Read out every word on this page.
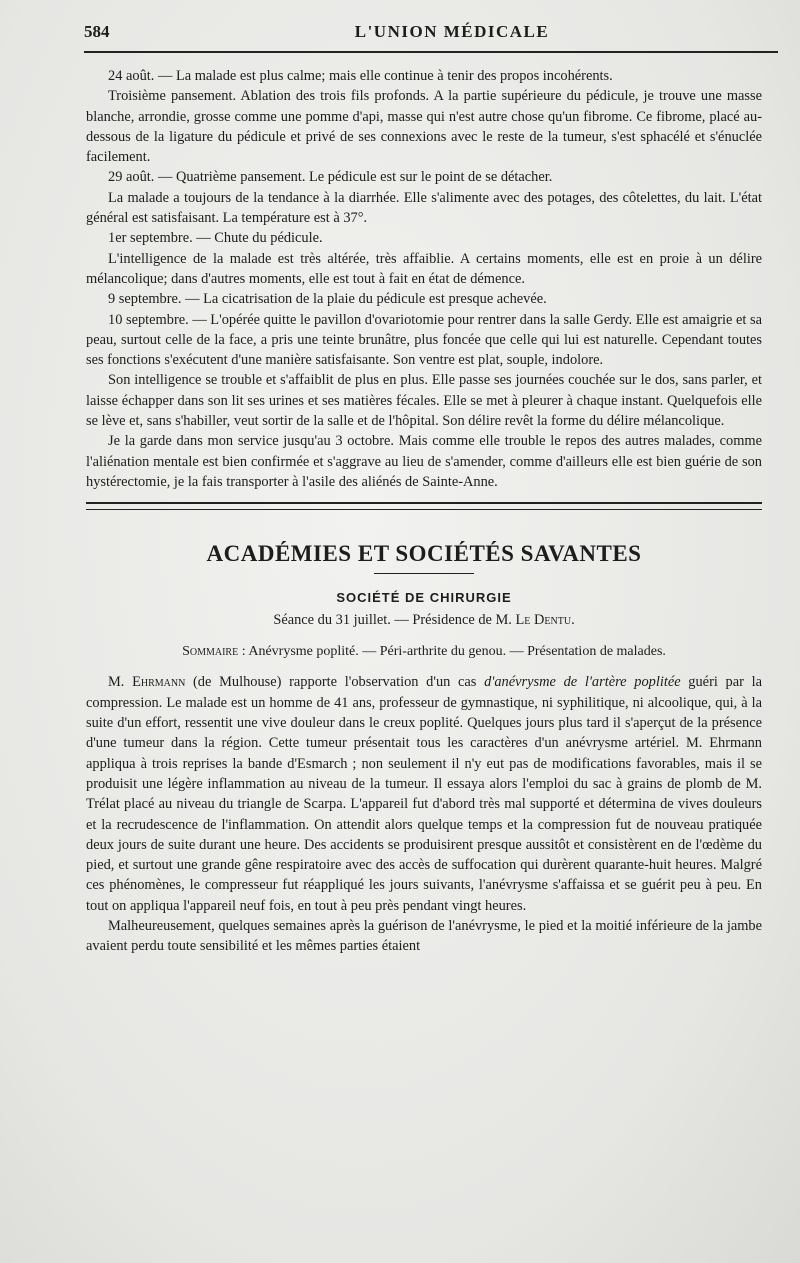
584	L'UNION MÉDICALE

24 août. — La malade est plus calme; mais elle continue à tenir des propos incohérents.

Troisième pansement. Ablation des trois fils profonds. A la partie supérieure du pédicule, je trouve une masse blanche, arrondie, grosse comme une pomme d'api, masse qui n'est autre chose qu'un fibrome. Ce fibrome, placé au-dessous de la ligature du pédicule et privé de ses connexions avec le reste de la tumeur, s'est sphacélé et s'énuclée facilement.

29 août. — Quatrième pansement. Le pédicule est sur le point de se détacher.

La malade a toujours de la tendance à la diarrhée. Elle s'alimente avec des potages, des côtelettes, du lait. L'état général est satisfaisant. La température est à 37°.

1er septembre. — Chute du pédicule.

L'intelligence de la malade est très altérée, très affaiblie. A certains moments, elle est en proie à un délire mélancolique; dans d'autres moments, elle est tout à fait en état de démence.

9 septembre. — La cicatrisation de la plaie du pédicule est presque achevée.

10 septembre. — L'opérée quitte le pavillon d'ovariotomie pour rentrer dans la salle Gerdy. Elle est amaigrie et sa peau, surtout celle de la face, a pris une teinte brunâtre, plus foncée que celle qui lui est naturelle. Cependant toutes ses fonctions s'exécutent d'une manière satisfaisante. Son ventre est plat, souple, indolore.

Son intelligence se trouble et s'affaiblit de plus en plus. Elle passe ses journées couchée sur le dos, sans parler, et laisse échapper dans son lit ses urines et ses matières fécales. Elle se met à pleurer à chaque instant. Quelquefois elle se lève et, sans s'habiller, veut sortir de la salle et de l'hôpital. Son délire revêt la forme du délire mélancolique.

Je la garde dans mon service jusqu'au 3 octobre. Mais comme elle trouble le repos des autres malades, comme l'aliénation mentale est bien confirmée et s'aggrave au lieu de s'amender, comme d'ailleurs elle est bien guérie de son hystérectomie, je la fais transporter à l'asile des aliénés de Sainte-Anne.

ACADÉMIES ET SOCIÉTÉS SAVANTES
SOCIÉTÉ DE CHIRURGIE
Séance du 31 juillet. — Présidence de M. Le Dentu.
Sommaire : Anévrysme poplité. — Péri-arthrite du genou. — Présentation de malades.

M. Ehrmann (de Mulhouse) rapporte l'observation d'un cas d'anévrysme de l'artère poplitée guéri par la compression. Le malade est un homme de 41 ans, professeur de gymnastique, ni syphilitique, ni alcoolique, qui, à la suite d'un effort, ressentit une vive douleur dans le creux poplité. Quelques jours plus tard il s'aperçut de la présence d'une tumeur dans la région. Cette tumeur présentait tous les caractères d'un anévrysme artériel. M. Ehrmann appliqua à trois reprises la bande d'Esmarch ; non seulement il n'y eut pas de modifications favorables, mais il se produisit une légère inflammation au niveau de la tumeur. Il essaya alors l'emploi du sac à grains de plomb de M. Trélat placé au niveau du triangle de Scarpa. L'appareil fut d'abord très mal supporté et détermina de vives douleurs et la recrudescence de l'inflammation. On attendit alors quelque temps et la compression fut de nouveau pratiquée deux jours de suite durant une heure. Des accidents se produisirent presque aussitôt et consistèrent en de l'œdème du pied, et surtout une grande gêne respiratoire avec des accès de suffocation qui durèrent quarante-huit heures. Malgré ces phénomènes, le compresseur fut réappliqué les jours suivants, l'anévrysme s'affaissa et se guérit peu à peu. En tout on appliqua l'appareil neuf fois, en tout à peu près pendant vingt heures.

Malheureusement, quelques semaines après la guérison de l'anévrysme, le pied et la moitié inférieure de la jambe avaient perdu toute sensibilité et les mêmes parties étaient
